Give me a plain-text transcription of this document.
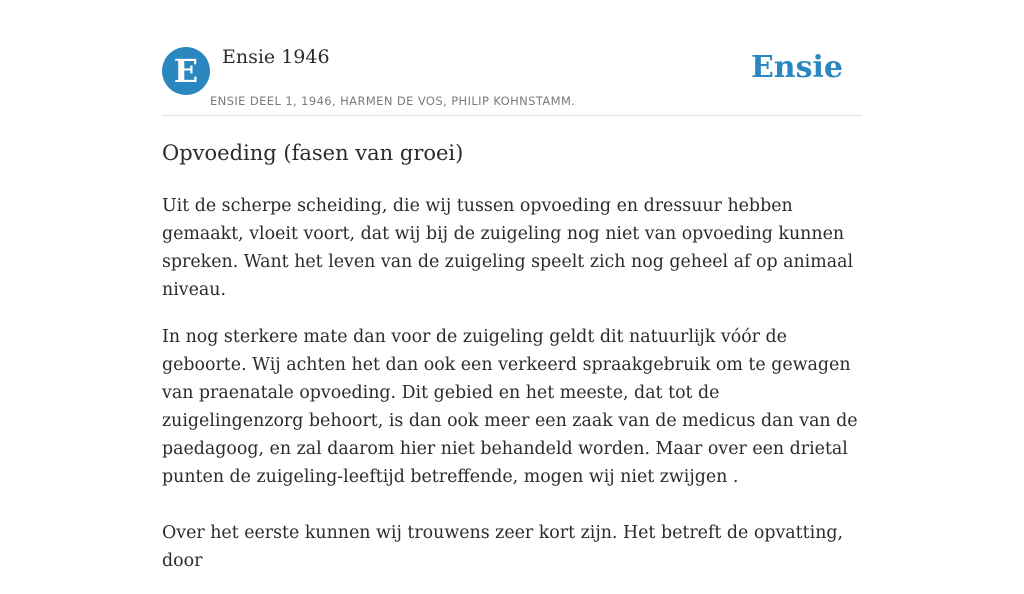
E	Ensie 1946
ENSIE DEEL 1, 1946, HARMEN DE VOS, PHILIP KOHNSTAMM.
Ensie
Opvoeding (fasen van groei)

Uit de scherpe scheiding, die wij tussen opvoeding en dressuur hebben gemaakt, vloeit voort, dat wij bij de zuigeling nog niet van opvoeding kunnen spreken. Want het leven van de zuigeling speelt zich nog geheel af op animaal niveau.

In nog sterkere mate dan voor de zuigeling geldt dit natuurlijk vóór de geboorte. Wij achten het dan ook een verkeerd spraakgebruik om te gewagen van praenatale opvoeding. Dit gebied en het meeste, dat tot de zuigelingenzorg behoort, is dan ook meer een zaak van de medicus dan van de paedagoog, en zal daarom hier niet behandeld worden. Maar over een drietal punten de zuigeling-leeftijd betreffende, mogen wij niet zwijgen .

Over het eerste kunnen wij trouwens zeer kort zijn. Het betreft de opvatting, door
